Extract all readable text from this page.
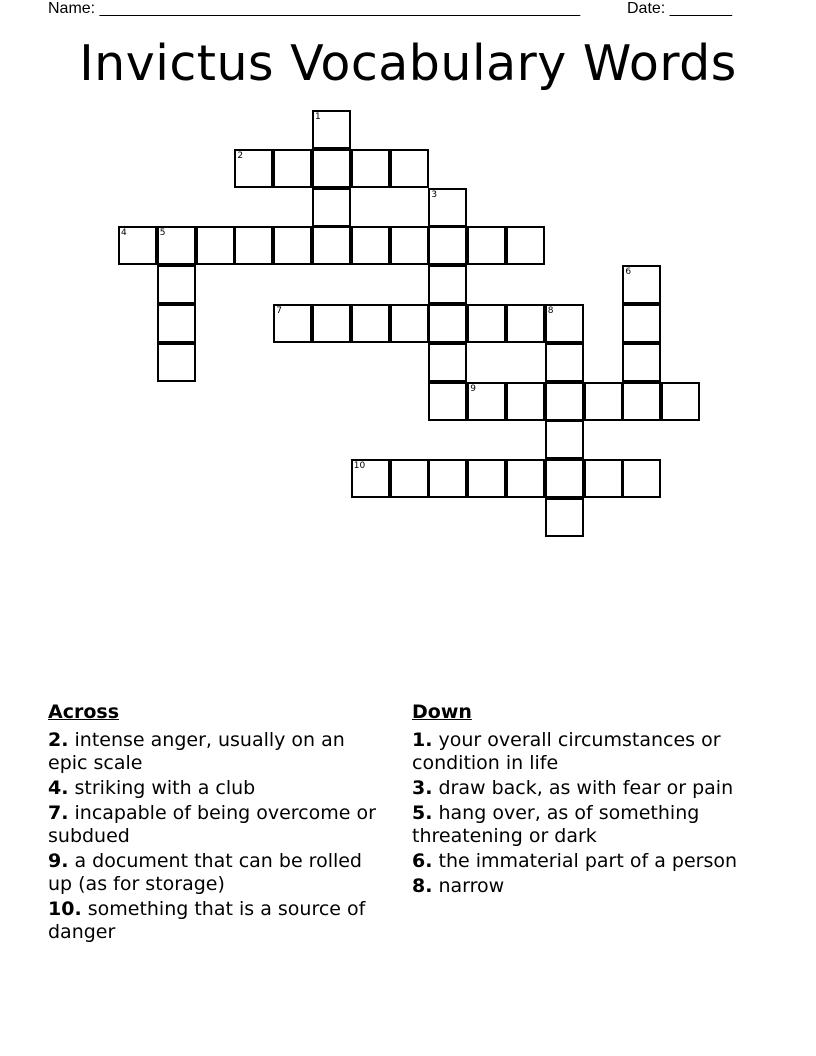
Name: ______________________________________________________	Date: _______
Invictus Vocabulary Words
1
2
3
4	5
6
7	8
9
10
Across
2. intense anger, usually on an epic scale
4. striking with a club
7. incapable of being overcome or subdued
9. a document that can be rolled up (as for storage)
10. something that is a source of danger
Down
1. your overall circumstances or condition in life
3. draw back, as with fear or pain
5. hang over, as of something threatening or dark
6. the immaterial part of a person
8. narrow
